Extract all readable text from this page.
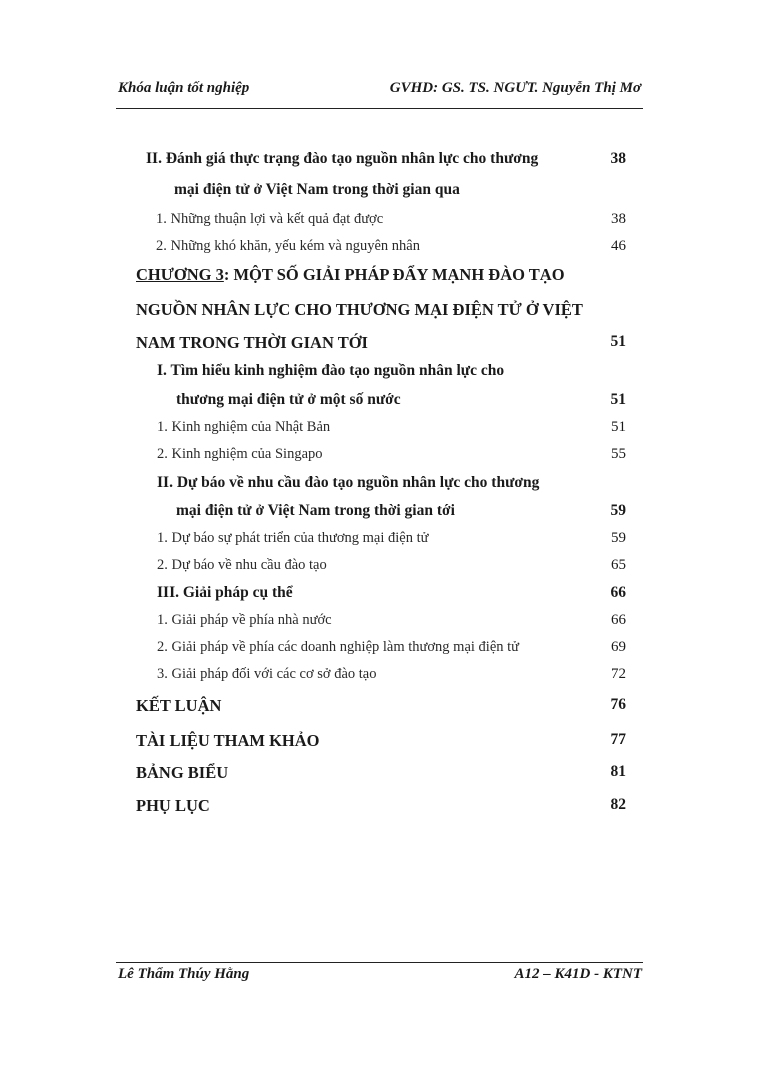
Khóa luận tốt nghiệp	GVHD: GS. TS. NGƯT. Nguyễn Thị Mơ
II. Đánh giá thực trạng đào tạo nguồn nhân lực cho thương	38
mại điện tử ở Việt Nam trong thời gian qua
1. Những thuận lợi và kết quả đạt được	38
2. Những khó khăn, yếu kém và nguyên nhân	46
CHƯƠNG 3: MỘT SỐ GIẢI PHÁP ĐẨY MẠNH ĐÀO TẠO
NGUỒN NHÂN LỰC CHO THƯƠNG MẠI ĐIỆN TỬ Ở VIỆT
NAM TRONG THỜI GIAN TỚI	51
I. Tìm hiểu kinh nghiệm đào tạo nguồn nhân lực cho
thương mại điện tử ở một số nước	51
1. Kinh nghiệm của Nhật Bản	51
2. Kinh nghiệm của Singapo	55
II. Dự báo về nhu cầu đào tạo nguồn nhân lực cho thương
mại điện tử ở Việt Nam trong thời gian tới	59
1. Dự báo sự phát triển của thương mại điện tử	59
2. Dự báo về nhu cầu đào tạo	65
III. Giải pháp cụ thể	66
1. Giải pháp về phía nhà nước	66
2. Giải pháp về phía các doanh nghiệp làm thương mại điện tử	69
3. Giải pháp đối với các cơ sở đào tạo	72
KẾT LUẬN	76
TÀI LIỆU THAM KHẢO	77
BẢNG BIỂU	81
PHỤ LỤC	82
Lê Thẩm Thúy Hằng	A12 – K41D - KTNT
